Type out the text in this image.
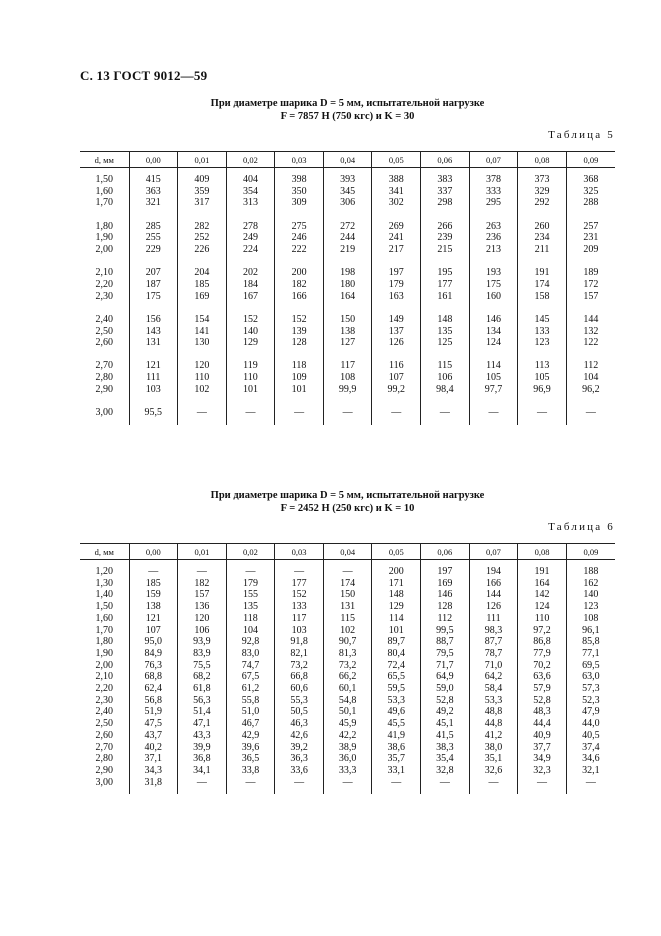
С. 13 ГОСТ 9012—59
При диаметре шарика D = 5 мм, испытательной нагрузке
F = 7857 Н (750 кгс) и K = 30
Таблица 5
d, мм	0,00	0,01	0,02	0,03	0,04	0,05	0,06	0,07	0,08	0,09

1,50	415	409	404	398	393	388	383	378	373	368
1,60	363	359	354	350	345	341	337	333	329	325
1,70	321	317	313	309	306	302	298	295	292	288

1,80	285	282	278	275	272	269	266	263	260	257
1,90	255	252	249	246	244	241	239	236	234	231
2,00	229	226	224	222	219	217	215	213	211	209

2,10	207	204	202	200	198	197	195	193	191	189
2,20	187	185	184	182	180	179	177	175	174	172
2,30	175	169	167	166	164	163	161	160	158	157

2,40	156	154	152	152	150	149	148	146	145	144
2,50	143	141	140	139	138	137	135	134	133	132
2,60	131	130	129	128	127	126	125	124	123	122

2,70	121	120	119	118	117	116	115	114	113	112
2,80	111	110	110	109	108	107	106	105	105	104
2,90	103	102	101	101	99,9	99,2	98,4	97,7	96,9	96,2

3,00	95,5	—	—	—	—	—	—	—	—	—

При диаметре шарика D = 5 мм, испытательной нагрузке
F = 2452 Н (250 кгс) и K = 10
Таблица 6
d, мм	0,00	0,01	0,02	0,03	0,04	0,05	0,06	0,07	0,08	0,09

1,20	—	—	—	—	—	200	197	194	191	188
1,30	185	182	179	177	174	171	169	166	164	162
1,40	159	157	155	152	150	148	146	144	142	140
1,50	138	136	135	133	131	129	128	126	124	123
1,60	121	120	118	117	115	114	112	111	110	108
1,70	107	106	104	103	102	101	99,5	98,3	97,2	96,1
1,80	95,0	93,9	92,8	91,8	90,7	89,7	88,7	87,7	86,8	85,8
1,90	84,9	83,9	83,0	82,1	81,3	80,4	79,5	78,7	77,9	77,1
2,00	76,3	75,5	74,7	73,2	73,2	72,4	71,7	71,0	70,2	69,5
2,10	68,8	68,2	67,5	66,8	66,2	65,5	64,9	64,2	63,6	63,0
2,20	62,4	61,8	61,2	60,6	60,1	59,5	59,0	58,4	57,9	57,3
2,30	56,8	56,3	55,8	55,3	54,8	53,3	52,8	53,3	52,8	52,3
2,40	51,9	51,4	51,0	50,5	50,1	49,6	49,2	48,8	48,3	47,9
2,50	47,5	47,1	46,7	46,3	45,9	45,5	45,1	44,8	44,4	44,0
2,60	43,7	43,3	42,9	42,6	42,2	41,9	41,5	41,2	40,9	40,5
2,70	40,2	39,9	39,6	39,2	38,9	38,6	38,3	38,0	37,7	37,4
2,80	37,1	36,8	36,5	36,3	36,0	35,7	35,4	35,1	34,9	34,6
2,90	34,3	34,1	33,8	33,6	33,3	33,1	32,8	32,6	32,3	32,1
3,00	31,8	—	—	—	—	—	—	—	—	—
